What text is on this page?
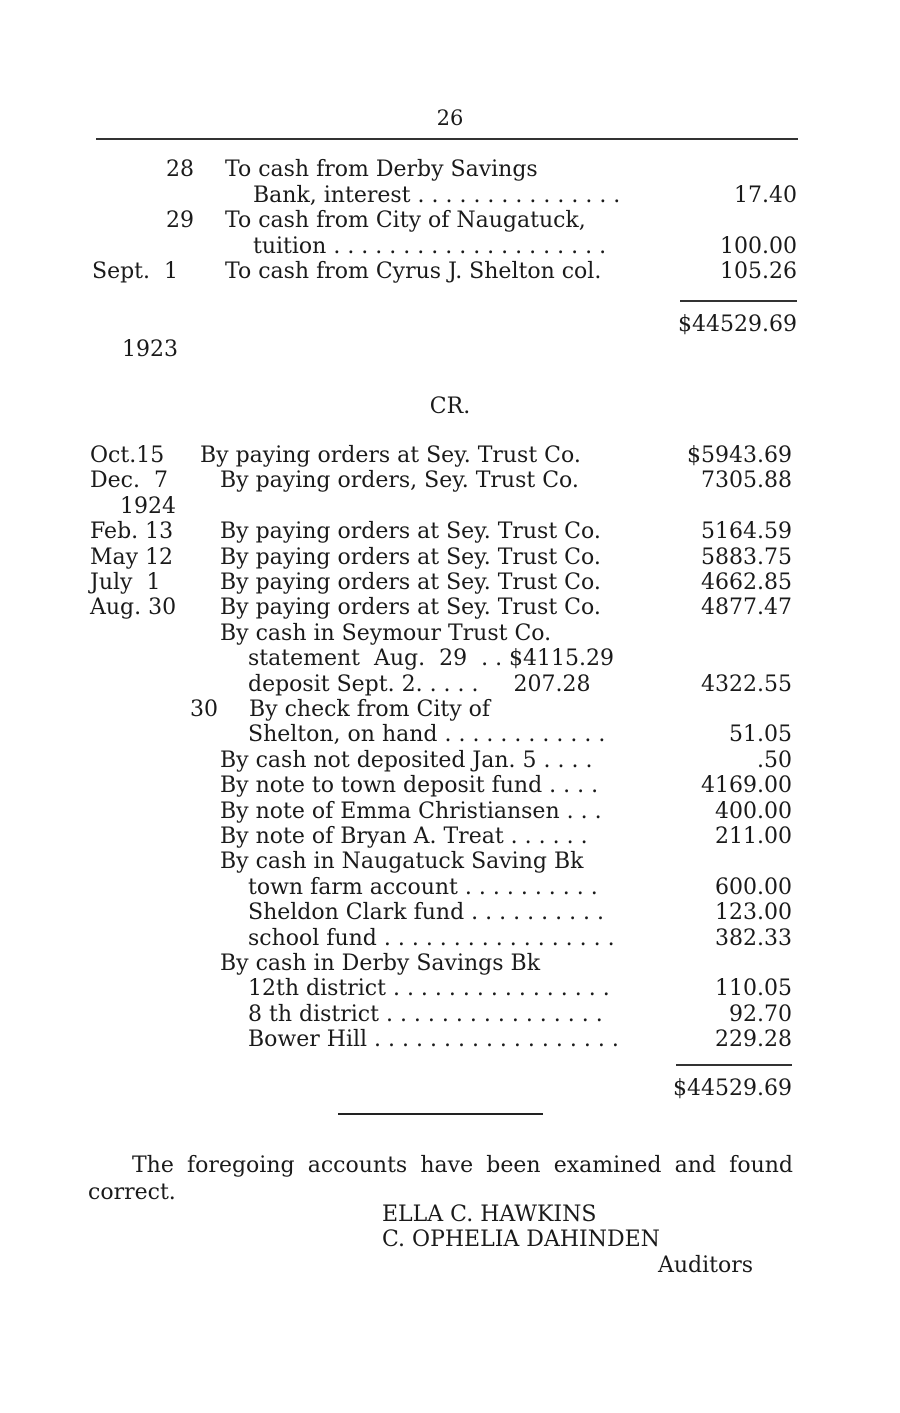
26
28 To cash from Derby Savings
Bank, interest . . . . . . . . . . . . . . .	17.40
29 To cash from City of Naugatuck,
tuition . . . . . . . . . . . . . . . . . . . .	100.00
Sept.  1 To cash from Cyrus J. Shelton col.	105.26
$44529.69
1923
CR.
Oct.15 By paying orders at Sey. Trust Co.	$5943.69
Dec.  7 By paying orders, Sey. Trust Co.	7305.88
1924
Feb. 13 By paying orders at Sey. Trust Co.	5164.59
May 12 By paying orders at Sey. Trust Co.	5883.75
July  1	By paying orders at Sey. Trust Co.	4662.85
Aug. 30 By paying orders at Sey. Trust Co.	4877.47
By cash in Seymour Trust Co.
statement  Aug.  29  . . $4115.29
deposit Sept. 2. . . . .     207.28	4322.55
30 By check from City of
Shelton, on hand . . . . . . . . . . . .	51.05
By cash not deposited Jan. 5 . . . .	.50
By note to town deposit fund . . . .	4169.00
By note of Emma Christiansen . . .	400.00
By note of Bryan A. Treat . . . . . .	211.00
By cash in Naugatuck Saving Bk
town farm account . . . . . . . . . .	600.00
Sheldon Clark fund . . . . . . . . . .	123.00
school fund . . . . . . . . . . . . . . . . .	382.33
By cash in Derby Savings Bk
12th district . . . . . . . . . . . . . . . .	110.05
8 th district . . . . . . . . . . . . . . . .	92.70
Bower Hill . . . . . . . . . . . . . . . . . .	229.28
$44529.69
The foregoing accounts have been examined and found correct.
ELLA C. HAWKINS
C. OPHELIA DAHINDEN
Auditors
